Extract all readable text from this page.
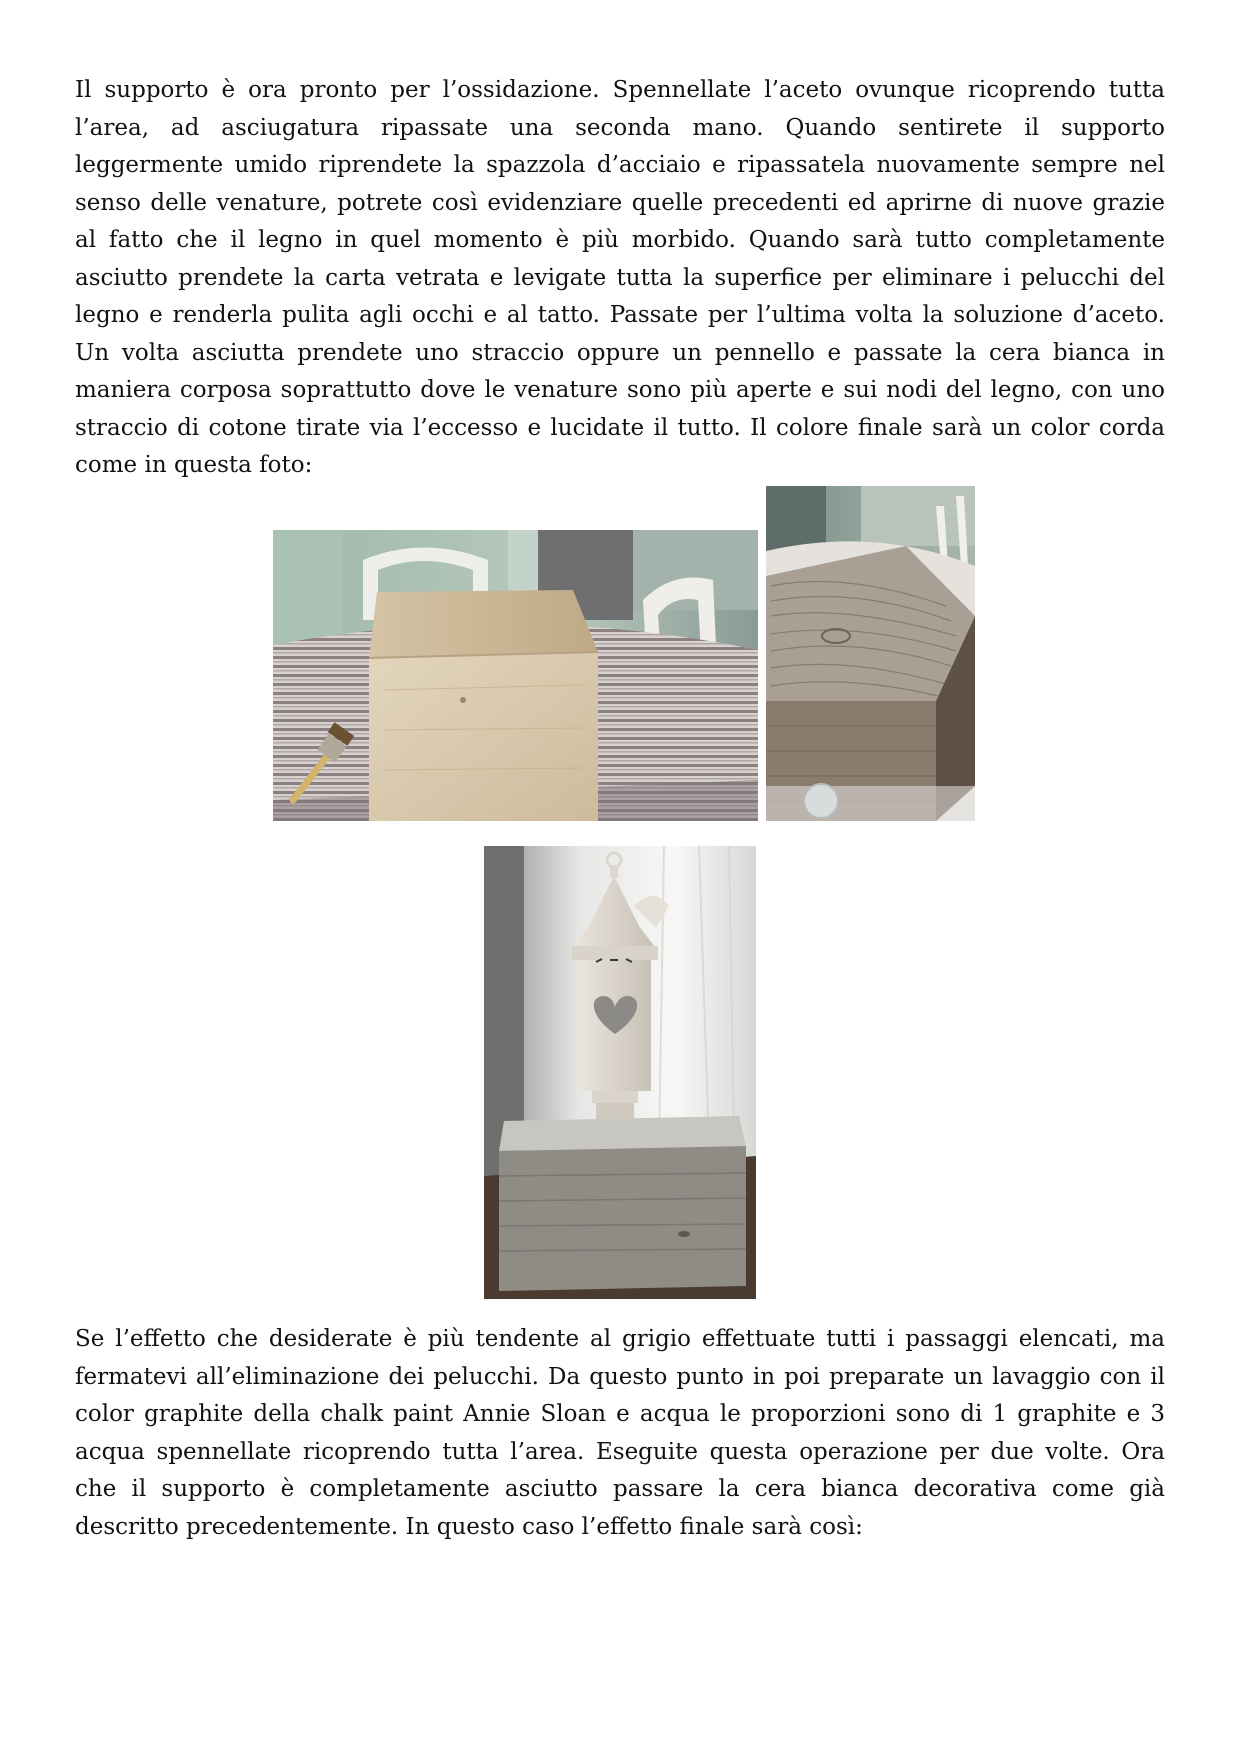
Il supporto è ora pronto per l’ossidazione. Spennellate l’aceto ovunque ricoprendo tutta l’area, ad asciugatura ripassate una seconda mano. Quando sentirete il supporto leggermente umido riprendete la spazzola d’acciaio e ripassatela nuovamente sempre nel senso delle venature, potrete così evidenziare quelle precedenti ed aprirne di nuove grazie al fatto che il legno in quel momento è più morbido. Quando sarà tutto completamente asciutto prendete la carta vetrata e levigate tutta la superfice per eliminare i pelucchi del legno e renderla pulita agli occhi e al tatto. Passate per l’ultima volta la soluzione d’aceto. Un volta asciutta prendete uno straccio oppure un pennello e passate la cera bianca in maniera corposa soprattutto dove le venature sono più aperte e sui nodi del legno, con uno straccio di cotone tirate via l’eccesso e lucidate il tutto. Il colore finale sarà un color corda come in questa foto:

Se l’effetto che desiderate è più tendente al grigio effettuate tutti i passaggi elencati, ma fermatevi all’eliminazione dei pelucchi. Da questo punto in poi preparate un lavaggio con il color graphite della chalk paint Annie Sloan e acqua le proporzioni sono di 1 graphite e 3 acqua spennellate ricoprendo tutta l’area. Eseguite questa operazione per due volte. Ora che il supporto è completamente asciutto passare la cera bianca decorativa come già descritto precedentemente. In questo caso l’effetto finale sarà così:
